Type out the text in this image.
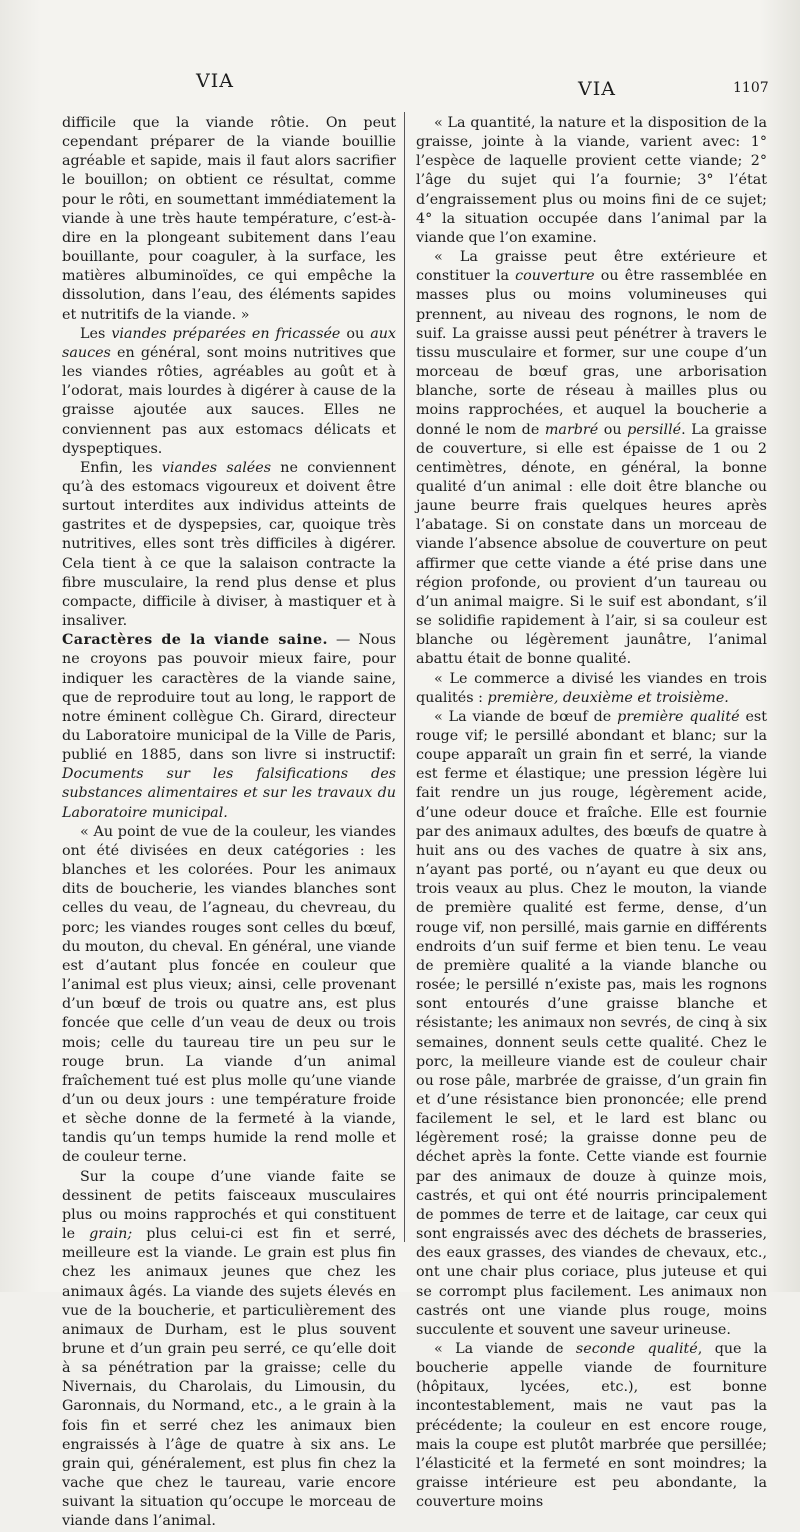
VIA	VIA	1107

difficile que la viande rôtie. On peut cependant préparer de la viande bouillie agréable et sapide, mais il faut alors sacrifier le bouillon; on obtient ce résultat, comme pour le rôti, en soumettant immédiatement la viande à une très haute température, c’est-à-dire en la plongeant subitement dans l’eau bouillante, pour coaguler, à la surface, les matières albuminoïdes, ce qui empêche la dissolution, dans l’eau, des éléments sapides et nutritifs de la viande. »

Les viandes préparées en fricassée ou aux sauces en général, sont moins nutritives que les viandes rôties, agréables au goût et à l’odorat, mais lourdes à digérer à cause de la graisse ajoutée aux sauces. Elles ne conviennent pas aux estomacs délicats et dyspeptiques.

Enfin, les viandes salées ne conviennent qu’à des estomacs vigoureux et doivent être surtout interdites aux individus atteints de gastrites et de dyspepsies, car, quoique très nutritives, elles sont très difficiles à digérer. Cela tient à ce que la salaison contracte la fibre musculaire, la rend plus dense et plus compacte, difficile à diviser, à mastiquer et à insaliver.

Caractères de la viande saine. — Nous ne croyons pas pouvoir mieux faire, pour indiquer les caractères de la viande saine, que de reproduire tout au long, le rapport de notre éminent collègue Ch. Girard, directeur du Laboratoire municipal de la Ville de Paris, publié en 1885, dans son livre si instructif: Documents sur les falsifications des substances alimentaires et sur les travaux du Laboratoire municipal.

« Au point de vue de la couleur, les viandes ont été divisées en deux catégories : les blanches et les colorées. Pour les animaux dits de boucherie, les viandes blanches sont celles du veau, de l’agneau, du chevreau, du porc; les viandes rouges sont celles du bœuf, du mouton, du cheval. En général, une viande est d’autant plus foncée en couleur que l’animal est plus vieux; ainsi, celle provenant d’un bœuf de trois ou quatre ans, est plus foncée que celle d’un veau de deux ou trois mois; celle du taureau tire un peu sur le rouge brun. La viande d’un animal fraîchement tué est plus molle qu’une viande d’un ou deux jours : une température froide et sèche donne de la fermeté à la viande, tandis qu’un temps humide la rend molle et de couleur terne.

Sur la coupe d’une viande faite se dessinent de petits faisceaux musculaires plus ou moins rapprochés et qui constituent le grain; plus celui-ci est fin et serré, meilleure est la viande. Le grain est plus fin chez les animaux jeunes que chez les animaux âgés. La viande des sujets élevés en vue de la boucherie, et particulièrement des animaux de Durham, est le plus souvent brune et d’un grain peu serré, ce qu’elle doit à sa pénétration par la graisse; celle du Nivernais, du Charolais, du Limousin, du Garonnais, du Normand, etc., a le grain à la fois fin et serré chez les animaux bien engraissés à l’âge de quatre à six ans. Le grain qui, généralement, est plus fin chez la vache que chez le taureau, varie encore suivant la situation qu’occupe le morceau de viande dans l’animal.

« La quantité, la nature et la disposition de la graisse, jointe à la viande, varient avec: 1° l’espèce de laquelle provient cette viande; 2° l’âge du sujet qui l’a fournie; 3° l’état d’engraissement plus ou moins fini de ce sujet; 4° la situation occupée dans l’animal par la viande que l’on examine.

« La graisse peut être extérieure et constituer la couverture ou être rassemblée en masses plus ou moins volumineuses qui prennent, au niveau des rognons, le nom de suif. La graisse aussi peut pénétrer à travers le tissu musculaire et former, sur une coupe d’un morceau de bœuf gras, une arborisation blanche, sorte de réseau à mailles plus ou moins rapprochées, et auquel la boucherie a donné le nom de marbré ou persillé. La graisse de couverture, si elle est épaisse de 1 ou 2 centimètres, dénote, en général, la bonne qualité d’un animal : elle doit être blanche ou jaune beurre frais quelques heures après l’abatage. Si on constate dans un morceau de viande l’absence absolue de couverture on peut affirmer que cette viande a été prise dans une région profonde, ou provient d’un taureau ou d’un animal maigre. Si le suif est abondant, s’il se solidifie rapidement à l’air, si sa couleur est blanche ou légèrement jaunâtre, l’animal abattu était de bonne qualité.

« Le commerce a divisé les viandes en trois qualités : première, deuxième et troisième.

« La viande de bœuf de première qualité est rouge vif; le persillé abondant et blanc; sur la coupe apparaît un grain fin et serré, la viande est ferme et élastique; une pression légère lui fait rendre un jus rouge, légèrement acide, d’une odeur douce et fraîche. Elle est fournie par des animaux adultes, des bœufs de quatre à huit ans ou des vaches de quatre à six ans, n’ayant pas porté, ou n’ayant eu que deux ou trois veaux au plus. Chez le mouton, la viande de première qualité est ferme, dense, d’un rouge vif, non persillé, mais garnie en différents endroits d’un suif ferme et bien tenu. Le veau de première qualité a la viande blanche ou rosée; le persillé n’existe pas, mais les rognons sont entourés d’une graisse blanche et résistante; les animaux non sevrés, de cinq à six semaines, donnent seuls cette qualité. Chez le porc, la meilleure viande est de couleur chair ou rose pâle, marbrée de graisse, d’un grain fin et d’une résistance bien prononcée; elle prend facilement le sel, et le lard est blanc ou légèrement rosé; la graisse donne peu de déchet après la fonte. Cette viande est fournie par des animaux de douze à quinze mois, castrés, et qui ont été nourris principalement de pommes de terre et de laitage, car ceux qui sont engraissés avec des déchets de brasseries, des eaux grasses, des viandes de chevaux, etc., ont une chair plus coriace, plus juteuse et qui se corrompt plus facilement. Les animaux non castrés ont une viande plus rouge, moins succulente et souvent une saveur urineuse.

« La viande de seconde qualité, que la boucherie appelle viande de fourniture (hôpitaux, lycées, etc.), est bonne incontestablement, mais ne vaut pas la précédente; la couleur en est encore rouge, mais la coupe est plutôt marbrée que persillée; l’élasticité et la fermeté en sont moindres; la graisse intérieure est peu abondante, la couverture moins
